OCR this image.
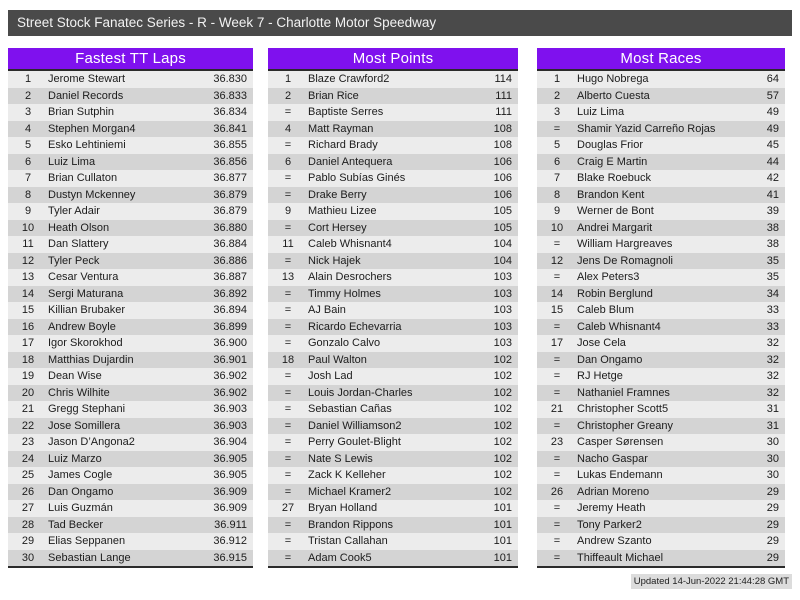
Street Stock Fanatec Series - R - Week 7 - Charlotte Motor Speedway
Fastest TT Laps
1	Jerome Stewart	36.830
2	Daniel Records	36.833
3	Brian Sutphin	36.834
4	Stephen Morgan4	36.841
5	Esko Lehtiniemi	36.855
6	Luiz Lima	36.856
7	Brian Cullaton	36.877
8	Dustyn Mckenney	36.879
9	Tyler Adair	36.879
10	Heath Olson	36.880
11	Dan Slattery	36.884
12	Tyler Peck	36.886
13	Cesar Ventura	36.887
14	Sergi Maturana	36.892
15	Killian Brubaker	36.894
16	Andrew Boyle	36.899
17	Igor Skorokhod	36.900
18	Matthias Dujardin	36.901
19	Dean Wise	36.902
20	Chris Wilhite	36.902
21	Gregg Stephani	36.903
22	Jose Somillera	36.903
23	Jason D’Angona2	36.904
24	Luiz Marzo	36.905
25	James Cogle	36.905
26	Dan Ongamo	36.909
27	Luis Guzmán	36.909
28	Tad Becker	36.911
29	Elias Seppanen	36.912
30	Sebastian Lange	36.915
Most Points
1	Blaze Crawford2	114
2	Brian Rice	111
=	Baptiste Serres	111
4	Matt Rayman	108
=	Richard Brady	108
6	Daniel Antequera	106
=	Pablo Subías Ginés	106
=	Drake Berry	106
9	Mathieu Lizee	105
=	Cort Hersey	105
11	Caleb Whisnant4	104
=	Nick Hajek	104
13	Alain Desrochers	103
=	Timmy Holmes	103
=	AJ Bain	103
=	Ricardo Echevarria	103
=	Gonzalo Calvo	103
18	Paul Walton	102
=	Josh Lad	102
=	Louis Jordan-Charles	102
=	Sebastian Cañas	102
=	Daniel Williamson2	102
=	Perry Goulet-Blight	102
=	Nate S Lewis	102
=	Zack K Kelleher	102
=	Michael Kramer2	102
27	Bryan Holland	101
=	Brandon Rippons	101
=	Tristan Callahan	101
=	Adam Cook5	101
Most Races
1	Hugo Nobrega	64
2	Alberto Cuesta	57
3	Luiz Lima	49
=	Shamir Yazid Carreño Rojas	49
5	Douglas Frior	45
6	Craig E Martin	44
7	Blake Roebuck	42
8	Brandon Kent	41
9	Werner de Bont	39
10	Andrei Margarit	38
=	William Hargreaves	38
12	Jens De Romagnoli	35
=	Alex Peters3	35
14	Robin Berglund	34
15	Caleb Blum	33
=	Caleb Whisnant4	33
17	Jose Cela	32
=	Dan Ongamo	32
=	RJ Hetge	32
=	Nathaniel Framnes	32
21	Christopher Scott5	31
=	Christopher Greany	31
23	Casper Sørensen	30
=	Nacho Gaspar	30
=	Lukas Endemann	30
26	Adrian Moreno	29
=	Jeremy Heath	29
=	Tony Parker2	29
=	Andrew Szanto	29
=	Thiffeault Michael	29
Updated 14-Jun-2022 21:44:28 GMT
